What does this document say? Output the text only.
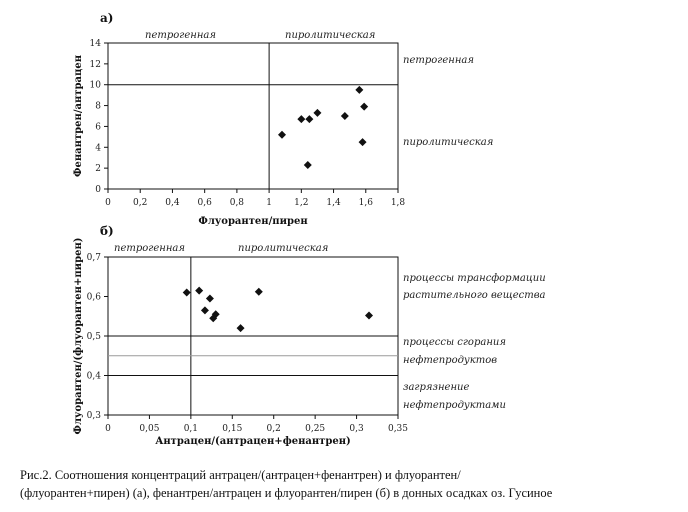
а)
0 0,2 0,4 0,6 0,8 1 1,2 1,4 1,6 1,8
0
2
4
6
8
10
12
14
петрогенная	пиролитическая
петрогенная
пиролитическая
Флуорантен/пирен
Фенантрен/антрацен
б)
0	0,05	0,1	0,15	0,2	0,25	0,3	0,35
0,3
0,4
0,5
0,6
0,7
петрогенная	пиролитическая
процессы трансформации
растительного вещества
процессы сгорания
нефтепродуктов
загрязнение
нефтепродуктами
Антрацен/(антрацен+фенантрен)
Флуорантен/(флуорантен+пирен)
Рис.2. Соотношения концентраций антрацен/(антрацен+фенантрен) и флуорантен/
(флуорантен+пирен) (а), фенантрен/антрацен и флуорантен/пирен (б) в донных осадках оз. Гусиное
